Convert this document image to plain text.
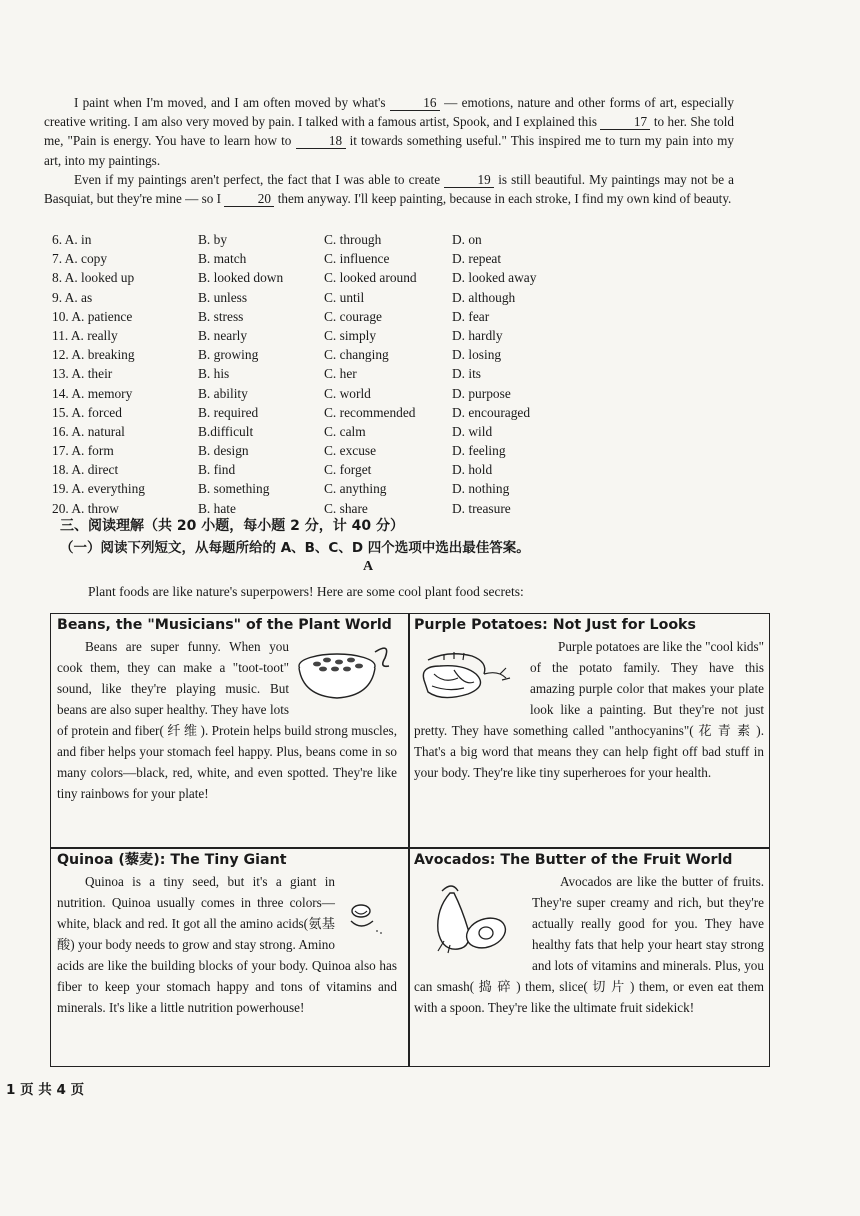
I paint when I'm moved, and I am often moved by what's	16 — emotions, nature and other forms of art, especially creative writing. I am also very moved by pain. I talked with a famous artist, Spook, and I explained this	17 to her. She told me, "Pain is energy. You have to learn how to	18 it towards something useful." This inspired me to turn my pain into my art, into my paintings.

Even if my paintings aren't perfect, the fact that I was able to create	19 is still beautiful. My paintings may not be a Basquiat, but they're mine — so I	20 them anyway. I'll keep painting, because in each stroke, I find my own kind of beauty.

6. A. in	B. by	C. through	D. on
7. A. copy	B. match	C. influence	D. repeat
8. A. looked up	B. looked down	C. looked around	D. looked away
9. A. as	B. unless	C. until	D. although
10. A. patience	B. stress	C. courage	D. fear
11. A. really	B. nearly	C. simply	D. hardly
12. A. breaking	B. growing	C. changing	D. losing
13. A. their	B. his	C. her	D. its
14. A. memory	B. ability	C. world	D. purpose
15. A. forced	B. required	C. recommended	D. encouraged
16. A. natural	B.difficult	C. calm	D. wild
17. A. form	B. design	C. excuse	D. feeling
18. A. direct	B. find	C. forget	D. hold
19. A. everything	B. something	C. anything	D. nothing
20. A. throw	B. hate	C. share	D. treasure
三、阅读理解（共 20 小题，每小题 2 分，计 40 分）
（一）阅读下列短文，从每题所给的 A、B、C、D 四个选项中选出最佳答案。
A
Plant foods are like nature's superpowers! Here are some cool plant food secrets:
Beans, the "Musicians" of the Plant World

Beans are super funny. When you cook them, they can make a "toot-toot" sound, like they're playing music. But beans are also super healthy. They have lots of protein and fiber( 纤 维 ). Protein helps build strong muscles, and fiber helps your stomach feel happy. Plus, beans come in so many colors—black, red, white, and even spotted. They're like tiny rainbows for your plate!

Purple Potatoes: Not Just for Looks

Purple potatoes are like the "cool kids" of the potato family. They have this amazing purple color that makes your plate look like a painting. But they're not just pretty. They have something called "anthocyanins"( 花 青 素 ). That's a big word that means they can help fight off bad stuff in your body. They're like tiny superheroes for your health.

Quinoa (藜麦): The Tiny Giant

Quinoa is a tiny seed, but it's a giant in nutrition. Quinoa usually comes in three colors—white, black and red. It got all the amino acids(氨基酸) your body needs to grow and stay strong. Amino acids are like the building blocks of your body. Quinoa also has fiber to keep your stomach happy and tons of vitamins and minerals. It's like a little nutrition powerhouse!

Avocados: The Butter of the Fruit World

Avocados are like the butter of fruits. They're super creamy and rich, but they're actually really good for you. They have healthy fats that help your heart stay strong and lots of vitamins and minerals. Plus, you can smash( 捣 碎 ) them, slice( 切 片 ) them, or even eat them with a spoon. They're like the ultimate fruit sidekick!

1 页 共 4 页
